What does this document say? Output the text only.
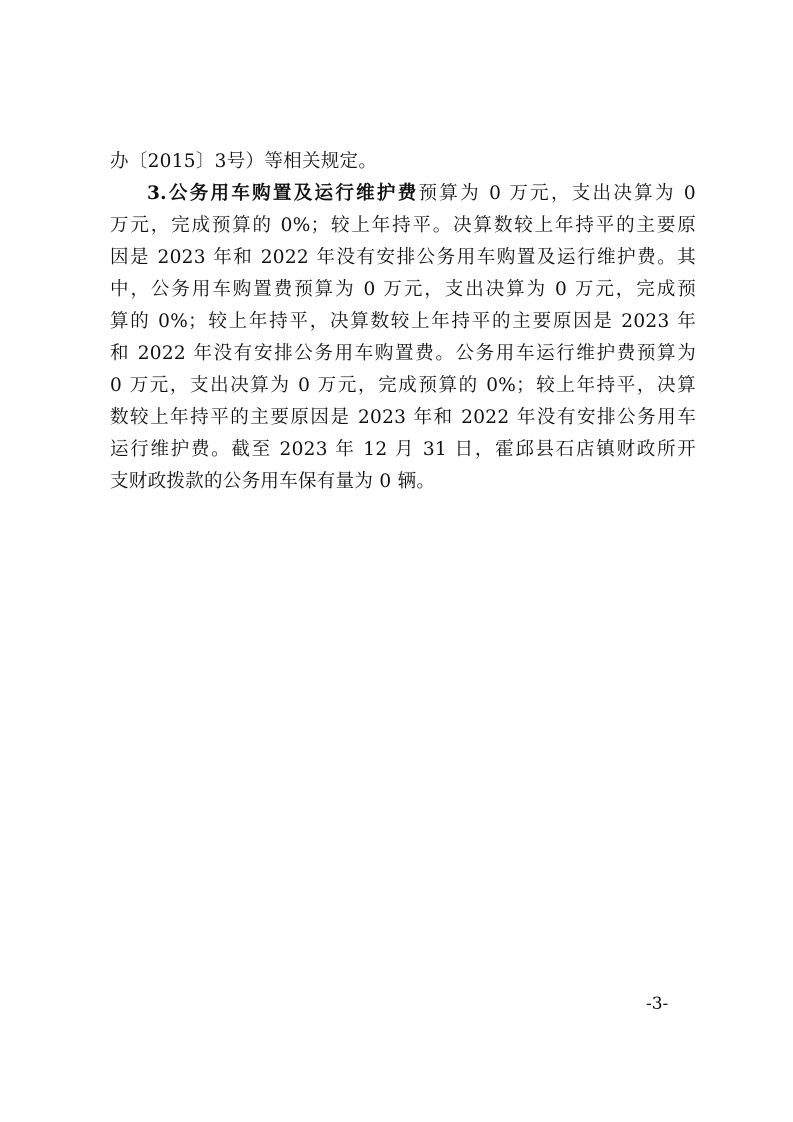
办〔2015〕3号）等相关规定。
3.公务用车购置及运行维护费预算为 0 万元，支出决算为 0
万元，完成预算的 0%；较上年持平。决算数较上年持平的主要原
因是 2023 年和 2022 年没有安排公务用车购置及运行维护费。其
中，公务用车购置费预算为 0 万元，支出决算为 0 万元，完成预
算的 0%；较上年持平，决算数较上年持平的主要原因是 2023 年
和 2022 年没有安排公务用车购置费。公务用车运行维护费预算为
0 万元，支出决算为 0 万元，完成预算的 0%；较上年持平，决算
数较上年持平的主要原因是 2023 年和 2022 年没有安排公务用车
运行维护费。截至 2023 年 12 月 31 日，霍邱县石店镇财政所开
支财政拨款的公务用车保有量为 0 辆。
-3-
